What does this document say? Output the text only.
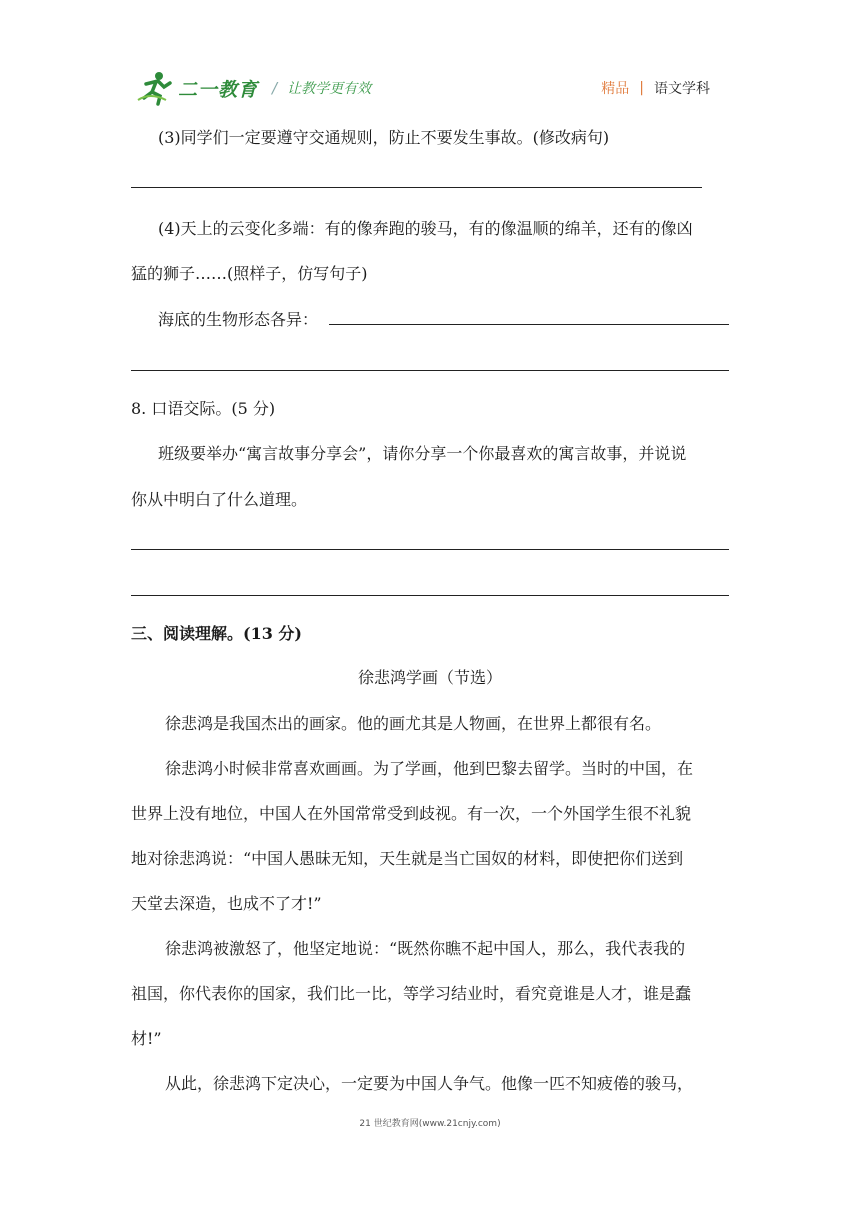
二一教育 / 让教学更有效	精品 | 语文学科
(3)同学们一定要遵守交通规则，防止不要发生事故。(修改病句)
(4)天上的云变化多端：有的像奔跑的骏马，有的像温顺的绵羊，还有的像凶
猛的狮子……(照样子，仿写句子)
海底的生物形态各异：
8. 口语交际。(5 分)
班级要举办“寓言故事分享会”，请你分享一个你最喜欢的寓言故事，并说说
你从中明白了什么道理。
三、阅读理解。(13 分)
徐悲鸿学画（节选）
徐悲鸿是我国杰出的画家。他的画尤其是人物画，在世界上都很有名。
徐悲鸿小时候非常喜欢画画。为了学画，他到巴黎去留学。当时的中国，在
世界上没有地位，中国人在外国常常受到歧视。有一次，一个外国学生很不礼貌
地对徐悲鸿说：“中国人愚昧无知，天生就是当亡国奴的材料，即使把你们送到
天堂去深造，也成不了才!”
徐悲鸿被激怒了，他坚定地说：“既然你瞧不起中国人，那么，我代表我的
祖国，你代表你的国家，我们比一比，等学习结业时，看究竟谁是人才，谁是蠢
材!”
从此，徐悲鸿下定决心，一定要为中国人争气。他像一匹不知疲倦的骏马，
21 世纪教育网(www.21cnjy.com)
